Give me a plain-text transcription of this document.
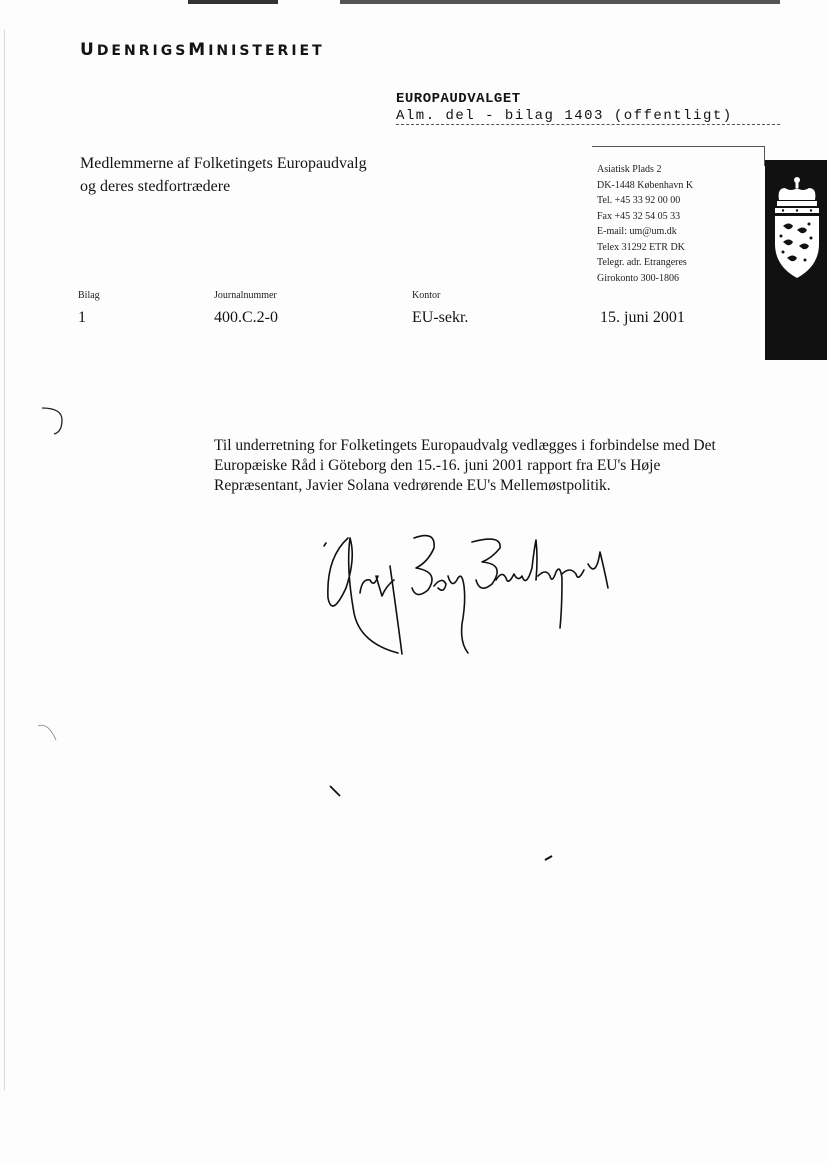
UDENRIGSMINISTERIET
EUROPAUDVALGET
Alm. del - bilag 1403 (offentligt)
Medlemmerne af Folketingets Europaudvalg
og deres stedfortrædere
Asiatisk Plads 2
DK-1448 København K
Tel. +45 33 92 00 00
Fax +45 32 54 05 33
E-mail: um@um.dk
Telex 31292 ETR DK
Telegr. adr. Etrangeres
Girokonto 300-1806
Bilag
1
Journalnummer
400.C.2-0
Kontor
EU-sekr.	15. juni 2001
Til underretning for Folketingets Europaudvalg vedlægges i forbindelse med Det Europæiske Råd i Göteborg den 15.-16. juni 2001 rapport fra EU's Høje Repræsentant, Javier Solana vedrørende EU's Mellemøstpolitik.
